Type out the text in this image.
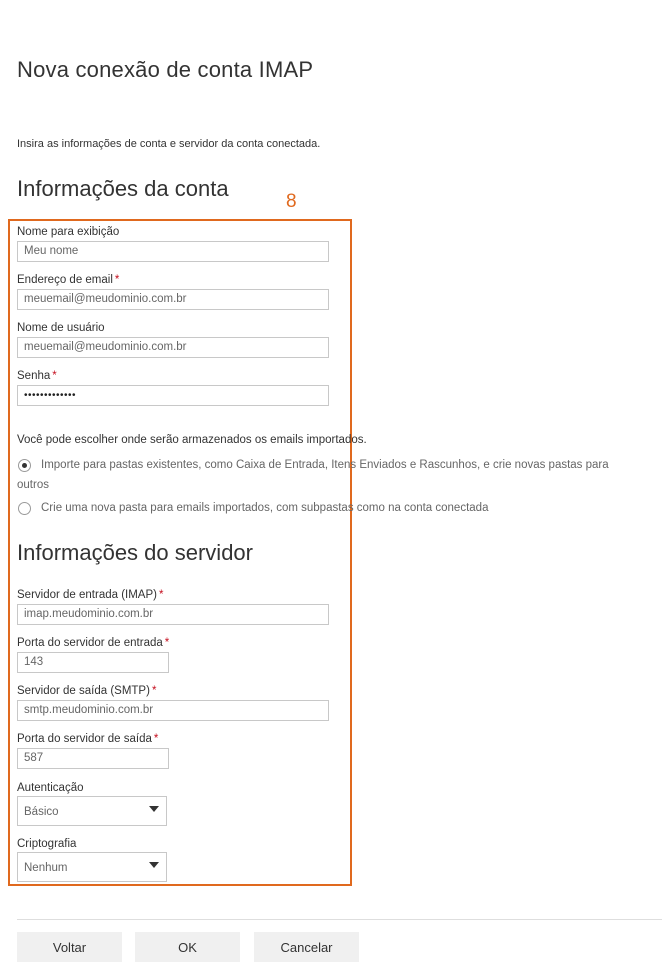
Nova conexão de conta IMAP
Insira as informações de conta e servidor da conta conectada.
Informações da conta
8
Nome para exibição
Meu nome
Endereço de email *
meuemail@meudominio.com.br
Nome de usuário
meuemail@meudominio.com.br
Senha *
•••••••••••••
Você pode escolher onde serão armazenados os emails importados.
Importe para pastas existentes, como Caixa de Entrada, Itens Enviados e Rascunhos, e crie novas pastas para
outros
Crie uma nova pasta para emails importados, com subpastas como na conta conectada
Informações do servidor
Servidor de entrada (IMAP) *
imap.meudominio.com.br
Porta do servidor de entrada *
143
Servidor de saída (SMTP) *
smtp.meudominio.com.br
Porta do servidor de saída *
587
Autenticação
Básico
Criptografia
Nenhum
Voltar	OK	Cancelar
